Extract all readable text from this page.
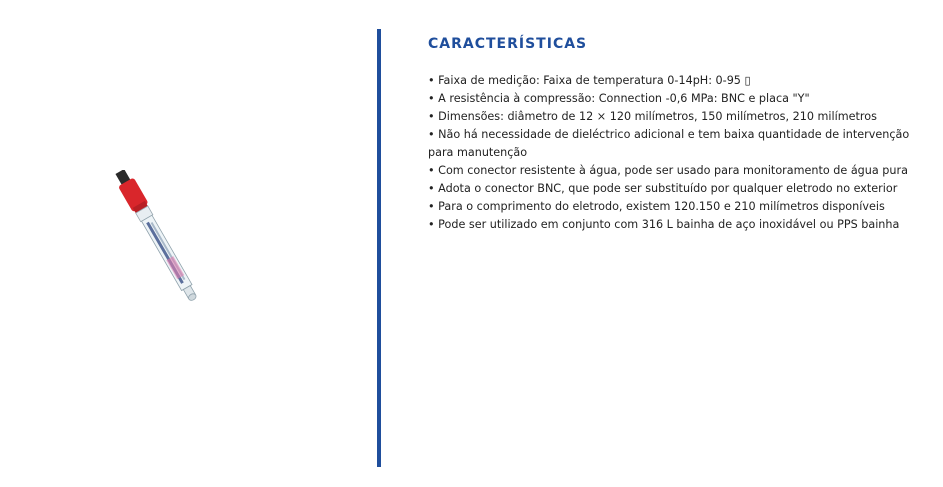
CARACTERÍSTICAS
• Faixa de medição: Faixa de temperatura 0-14pH: 0-95 ▯
• A resistência à compressão: Connection -0,6 MPa: BNC e placa "Y"
• Dimensões: diâmetro de 12 × 120 milímetros, 150 milímetros, 210 milímetros
• Não há necessidade de dieléctrico adicional e tem baixa quantidade de intervenção para manutenção
• Com conector resistente à água, pode ser usado para monitoramento de água pura
• Adota o conector BNC, que pode ser substituído por qualquer eletrodo no exterior
• Para o comprimento do eletrodo, existem 120.150 e 210 milímetros disponíveis
• Pode ser utilizado em conjunto com 316 L bainha de aço inoxidável ou PPS bainha
